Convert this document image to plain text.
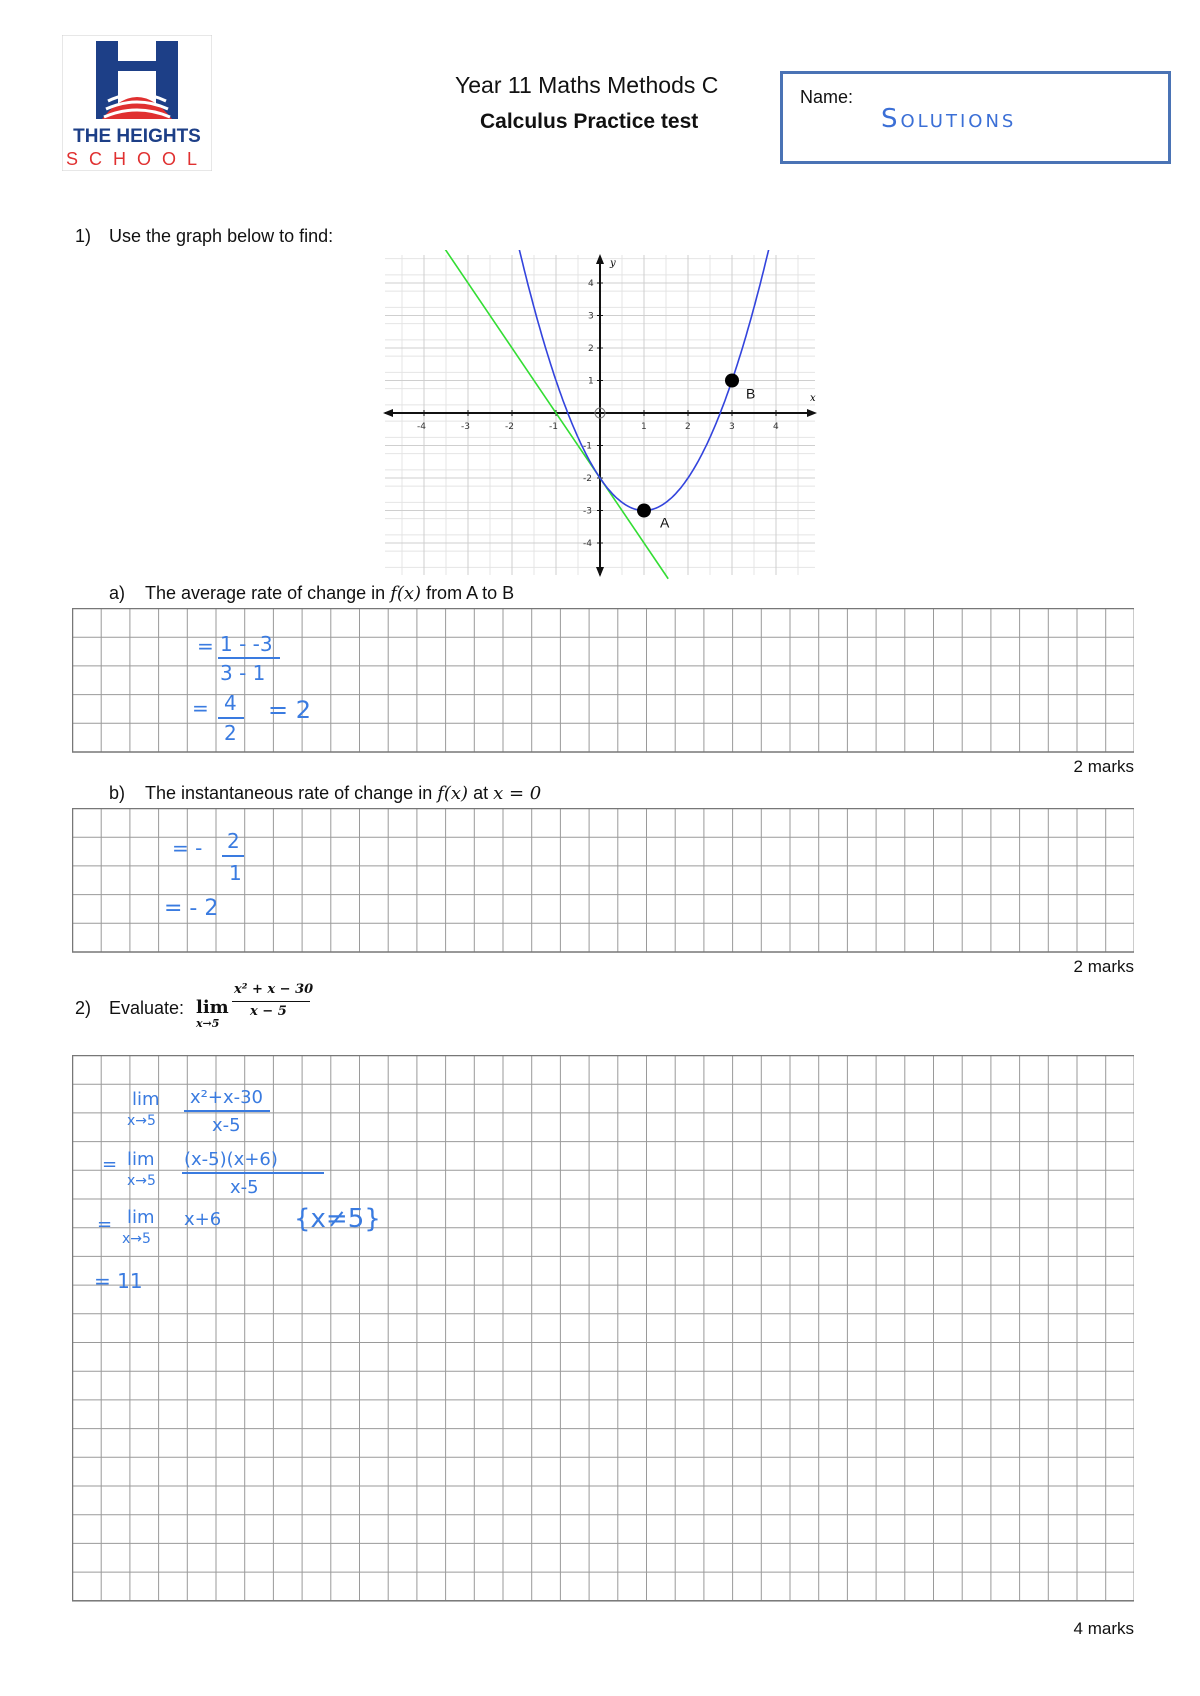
THE HEIGHTS
SCHOOL
Year 11 Maths Methods C
Calculus Practice test
Name:
Solutions
1) Use the graph below to find:
-4	-3	-2	-1	1	2	3	4
4
3
2
1
-1
-2
-3
-4
x
y
A
B
a) The average rate of change in f(x) from A to B
= 1 - -3
3 - 1
= 4
2
= 2
2 marks
b) The instantaneous rate of change in f(x) at x = 0
= - 2
1
= - 2
2 marks
2) Evaluate: lim
x→5
x² + x − 30
x − 5
lim
x→5
x²+x-30
x-5
= lim
x→5
(x-5)(x+6)
x-5
= lim
x→5
x+6	{x≠5}
= 11
4 marks
